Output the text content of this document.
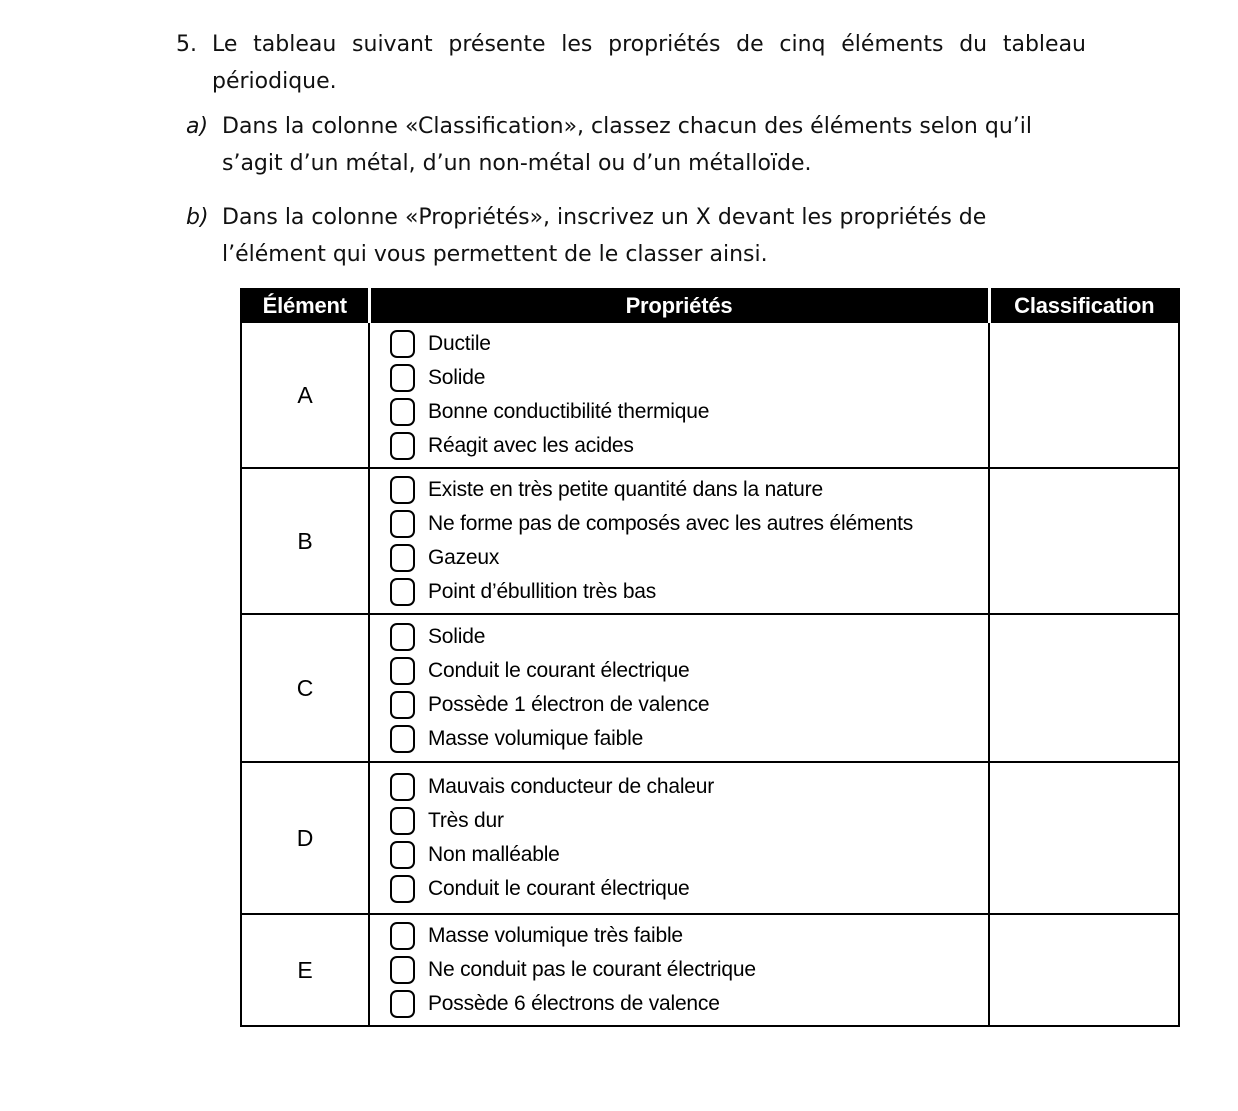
5. Le tableau suivant présente les propriétés de cinq éléments du tableau périodique.
a) Dans la colonne «Classification», classez chacun des éléments selon qu’il s’agit d’un métal, d’un non-métal ou d’un métalloïde.
b) Dans la colonne «Propriétés», inscrivez un X devant les propriétés de l’élément qui vous permettent de le classer ainsi.
Élément	Propriétés	Classification
A	Ductile
Solide
Bonne conductibilité thermique
Réagit avec les acides	

B	Existe en très petite quantité dans la nature
Ne forme pas de composés avec les autres éléments
Gazeux
Point d’ébullition très bas	

C	Solide
Conduit le courant électrique
Possède 1 électron de valence
Masse volumique faible	

D	Mauvais conducteur de chaleur
Très dur
Non malléable
Conduit le courant électrique	

E	Masse volumique très faible
Ne conduit pas le courant électrique
Possède 6 électrons de valence	
